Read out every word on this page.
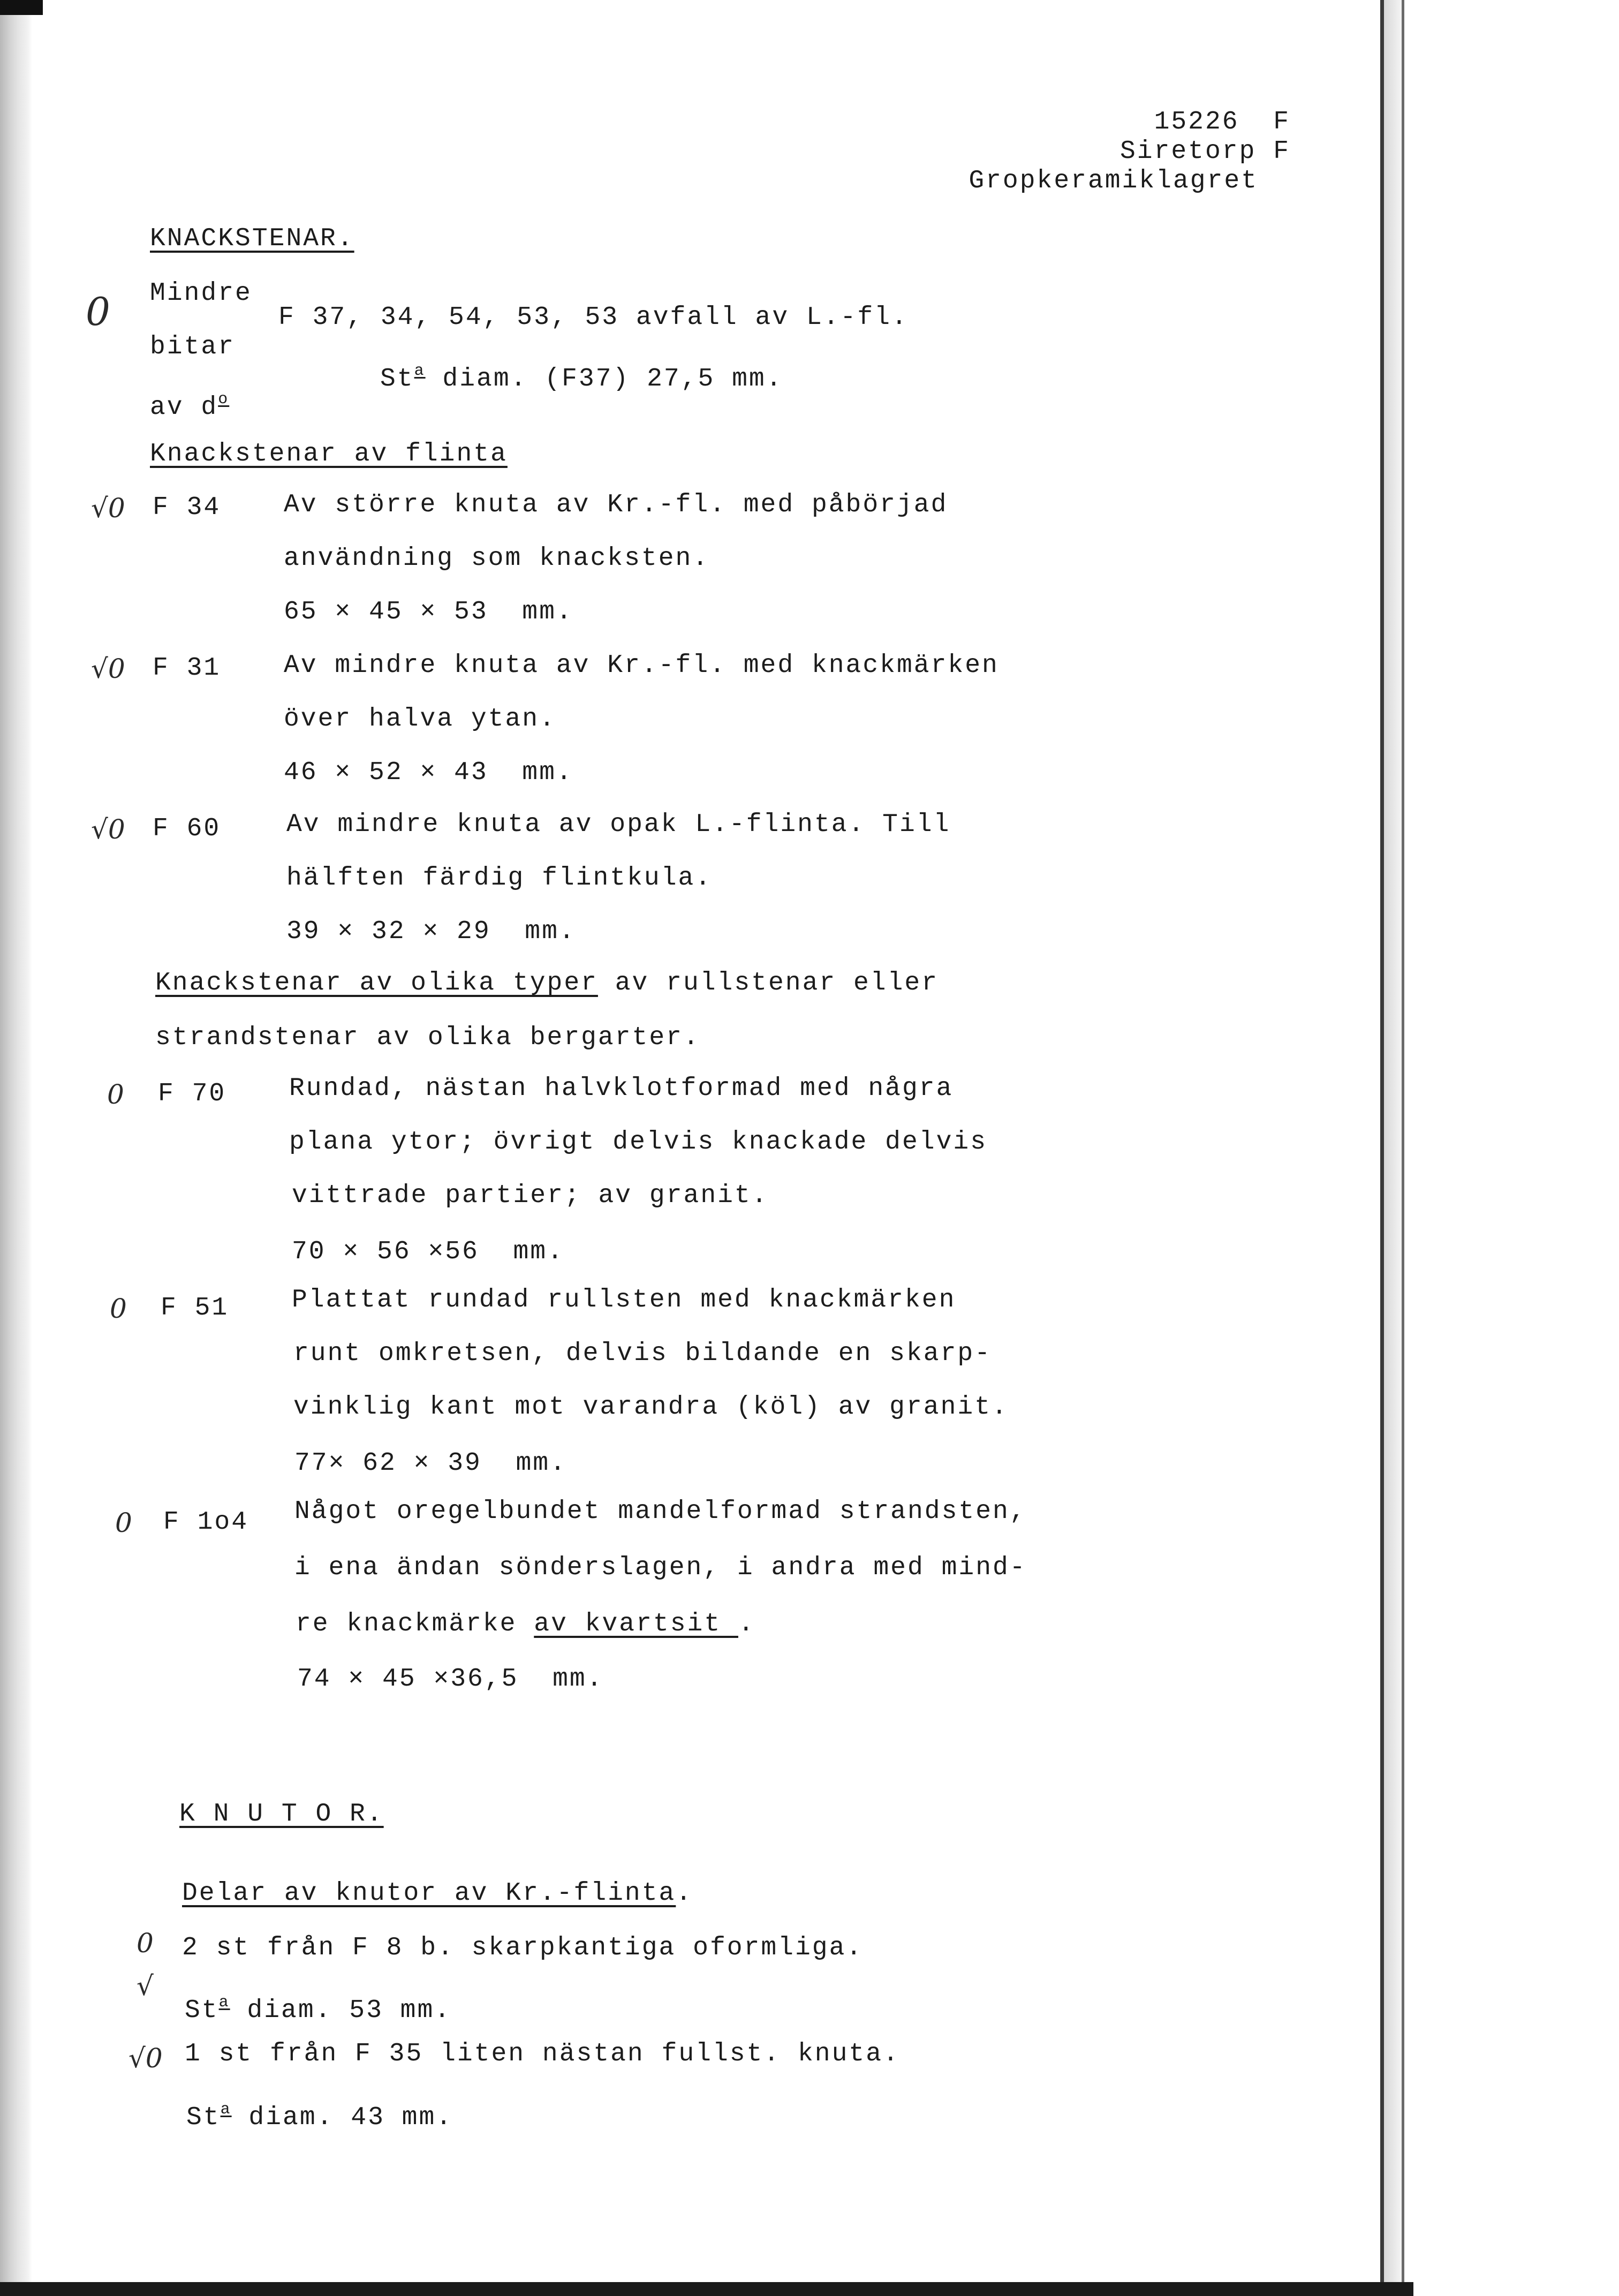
15226  F
Siretorp F
Gropkeramiklagret
KNACKSTENAR.
0 Mindre
bitar
av $d^o$
F 37, 34, 54, 53, 53 avfall av L.-fl.
St$^a$ diam. (F37) 27,5 mm.
Knackstenar av flinta
√0 F 34 Av större knuta av Kr.-fl. med påbörjad
användning som knacksten.
65 × 45 × 53  mm.
√0 F 31 Av mindre knuta av Kr.-fl. med knackmärken
över halva ytan.
46 × 52 × 43  mm.
√0 F 60	Av mindre knuta av opak L.-flinta. Till
hälften färdig flintkula.
39 × 32 × 29  mm.
Knackstenar av olika typer av rullstenar eller
strandstenar av olika bergarter.
0 F 70 Rundad, nästan halvklotformad med några
plana ytor; övrigt delvis knackade delvis
vittrade partier; av granit.
70 × 56 ×56  mm.
0 F 51 Plattat rundad rullsten med knackmärken
runt omkretsen, delvis bildande en skarp-
vinklig kant mot varandra (köl) av granit.
77× 62 × 39  mm.
0 F 1o4 Något oregelbundet mandelformad strandsten,
i ena ändan sönderslagen, i andra med mind-
re knackmärke av kvartsit .
74 × 45 ×36,5  mm.
K N U T O R.
Delar av knutor av Kr.-flinta.
0 2 st från F 8 b. skarpkantiga oformliga.
√
St$^a$ diam. 53 mm.
√0 1 st från F 35 liten nästan fullst. knuta.
St$^a$ diam. 43 mm.
